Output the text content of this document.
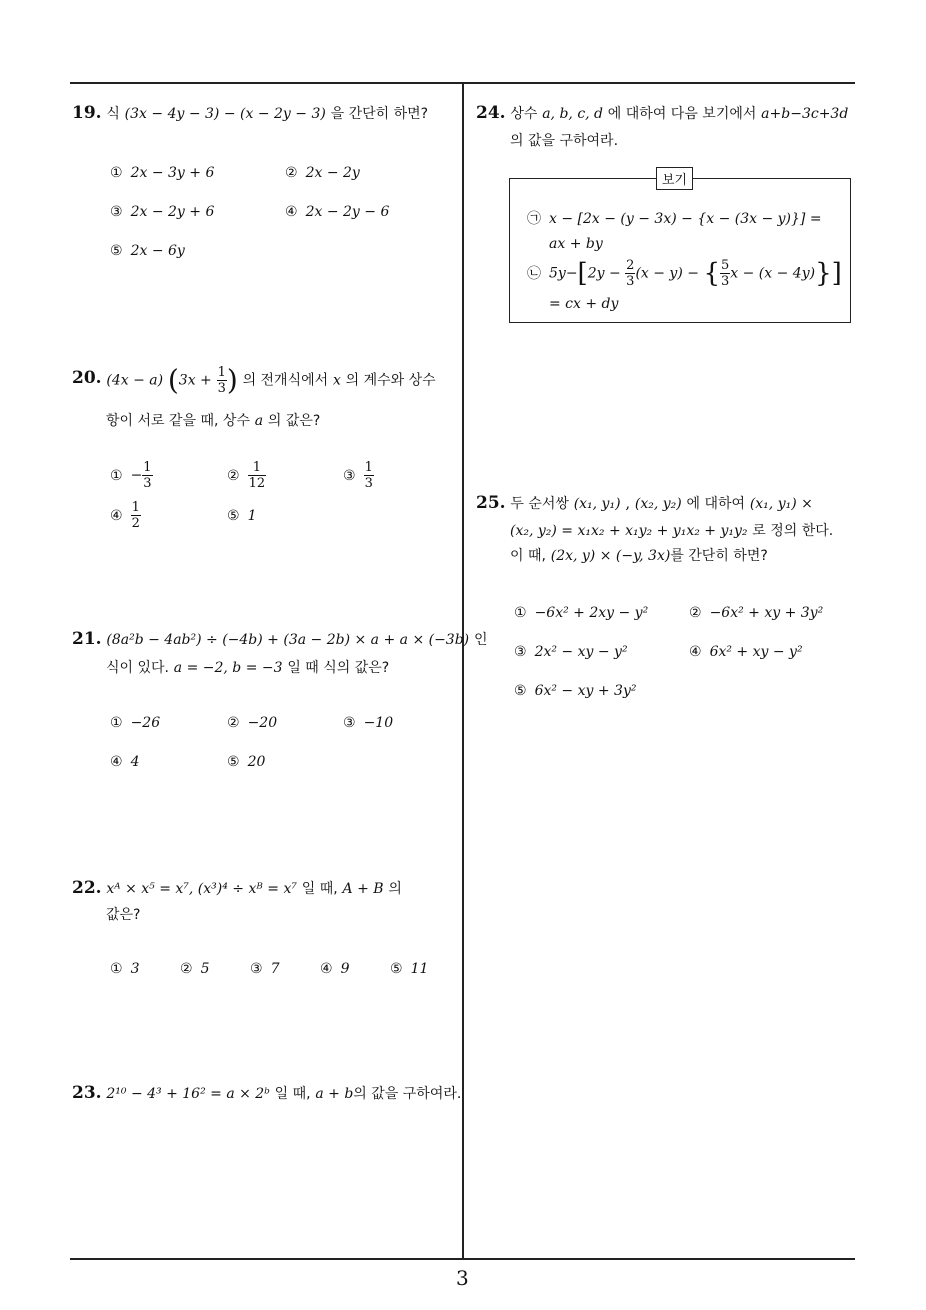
19. 식 (3x − 4y − 3) − (x − 2y − 3) 을 간단히 하면?
① 2x − 3y + 6	② 2x − 2y
③ 2x − 2y + 6	④ 2x − 2y − 6
⑤ 2x − 6y
20. (4x − a) ($3x + \frac{1}{3}$ ) 의 전개식에서 x 의 계수와 상수
항이 서로 같을 때, 상수 a 의 값은?
① − $\frac{1}{3}$	② $\frac{1}{12}$	③ $\frac{1}{3}$
④ $\frac{1}{2}$	⑤ 1
21. (8a²b − 4ab²) ÷ (−4b) + (3a − 2b) × a + a × (−3b) 인
식이 있다. a = −2, b = −3 일 때 식의 값은?
① −26	② −20	③ −10
④ 4	⑤ 20
22. xᴬ × x⁵ = x⁷, (x³)⁴ ÷ xᴮ = x⁷ 일 때, A + B 의
값은?
① 3	② 5	③ 7	④ 9	⑤ 11
23. 2¹⁰ − 4³ + 16² = a × 2ᵇ 일 때, a + b의 값을 구하여라.
24. 상수 a, b, c, d 에 대하여 다음 보기에서 a+b−3c+3d
의 값을 구하여라.
보기
㉠ x − [2x − (y − 3x) − {x − (3x − y)}] =
ax + by
㉡ $5y-[2y - \frac{2}{3} (x - y)$ − { $\frac{5}{3}$ x − (x − 4y)}]
= cx + dy
25. 두 순서쌍 (x₁, y₁) , (x₂, y₂) 에 대하여 (x₁, y₁) ×
(x₂, y₂) = x₁x₂ + x₁y₂ + y₁x₂ + y₁y₂ 로 정의 한다.
이 때, (2x, y) × (−y, 3x)를 간단히 하면?
① −6x² + 2xy − y²	② −6x² + xy + 3y²
③ 2x² − xy − y²	④ 6x² + xy − y²
⑤ 6x² − xy + 3y²
3
